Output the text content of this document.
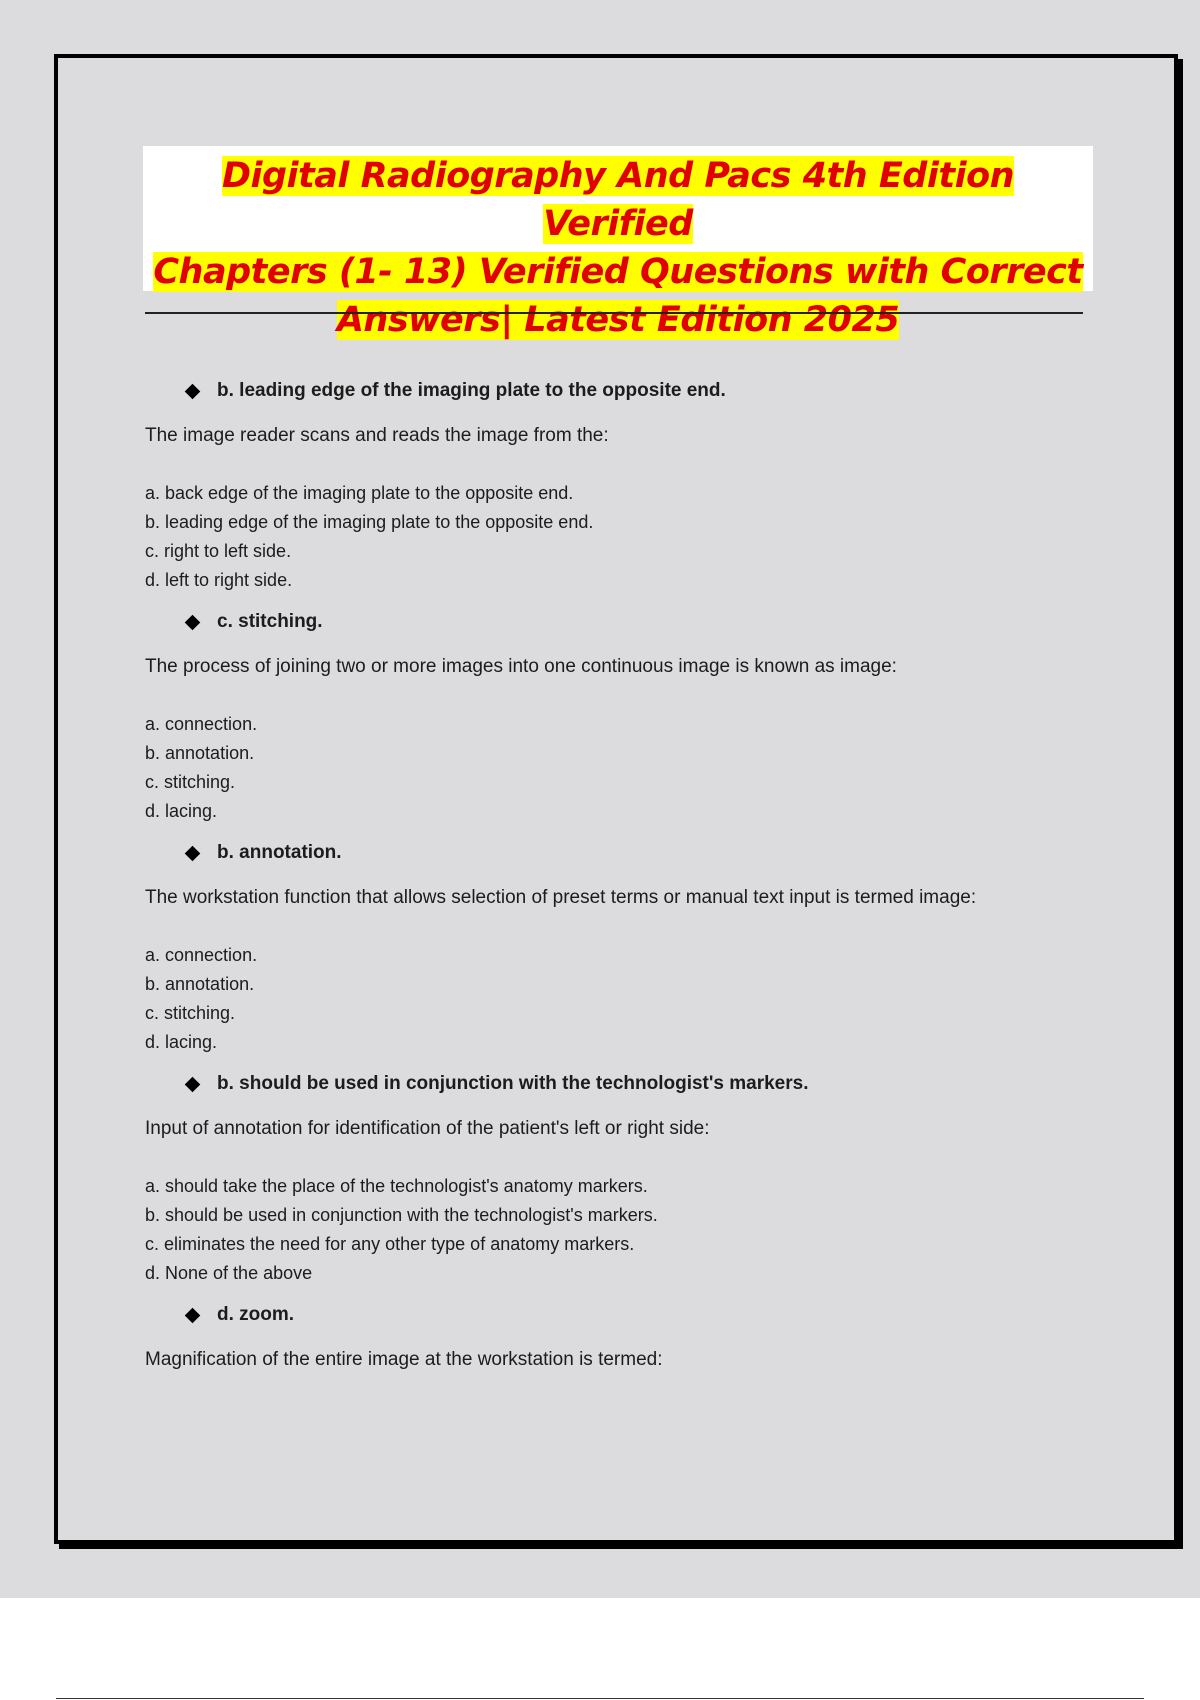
Digital Radiography And Pacs 4th Edition Verified
Chapters (1- 13) Verified Questions with Correct
Answers| Latest Edition 2025
b. leading edge of the imaging plate to the opposite end.
The image reader scans and reads the image from the:
a. back edge of the imaging plate to the opposite end.
b. leading edge of the imaging plate to the opposite end.
c. right to left side.
d. left to right side.
c. stitching.
The process of joining two or more images into one continuous image is known as image:
a. connection.
b. annotation.
c. stitching.
d. lacing.
b. annotation.
The workstation function that allows selection of preset terms or manual text input is termed image:
a. connection.
b. annotation.
c. stitching.
d. lacing.
b. should be used in conjunction with the technologist's markers.
Input of annotation for identification of the patient's left or right side:
a. should take the place of the technologist's anatomy markers.
b. should be used in conjunction with the technologist's markers.
c. eliminates the need for any other type of anatomy markers.
d. None of the above
d. zoom.
Magnification of the entire image at the workstation is termed:
